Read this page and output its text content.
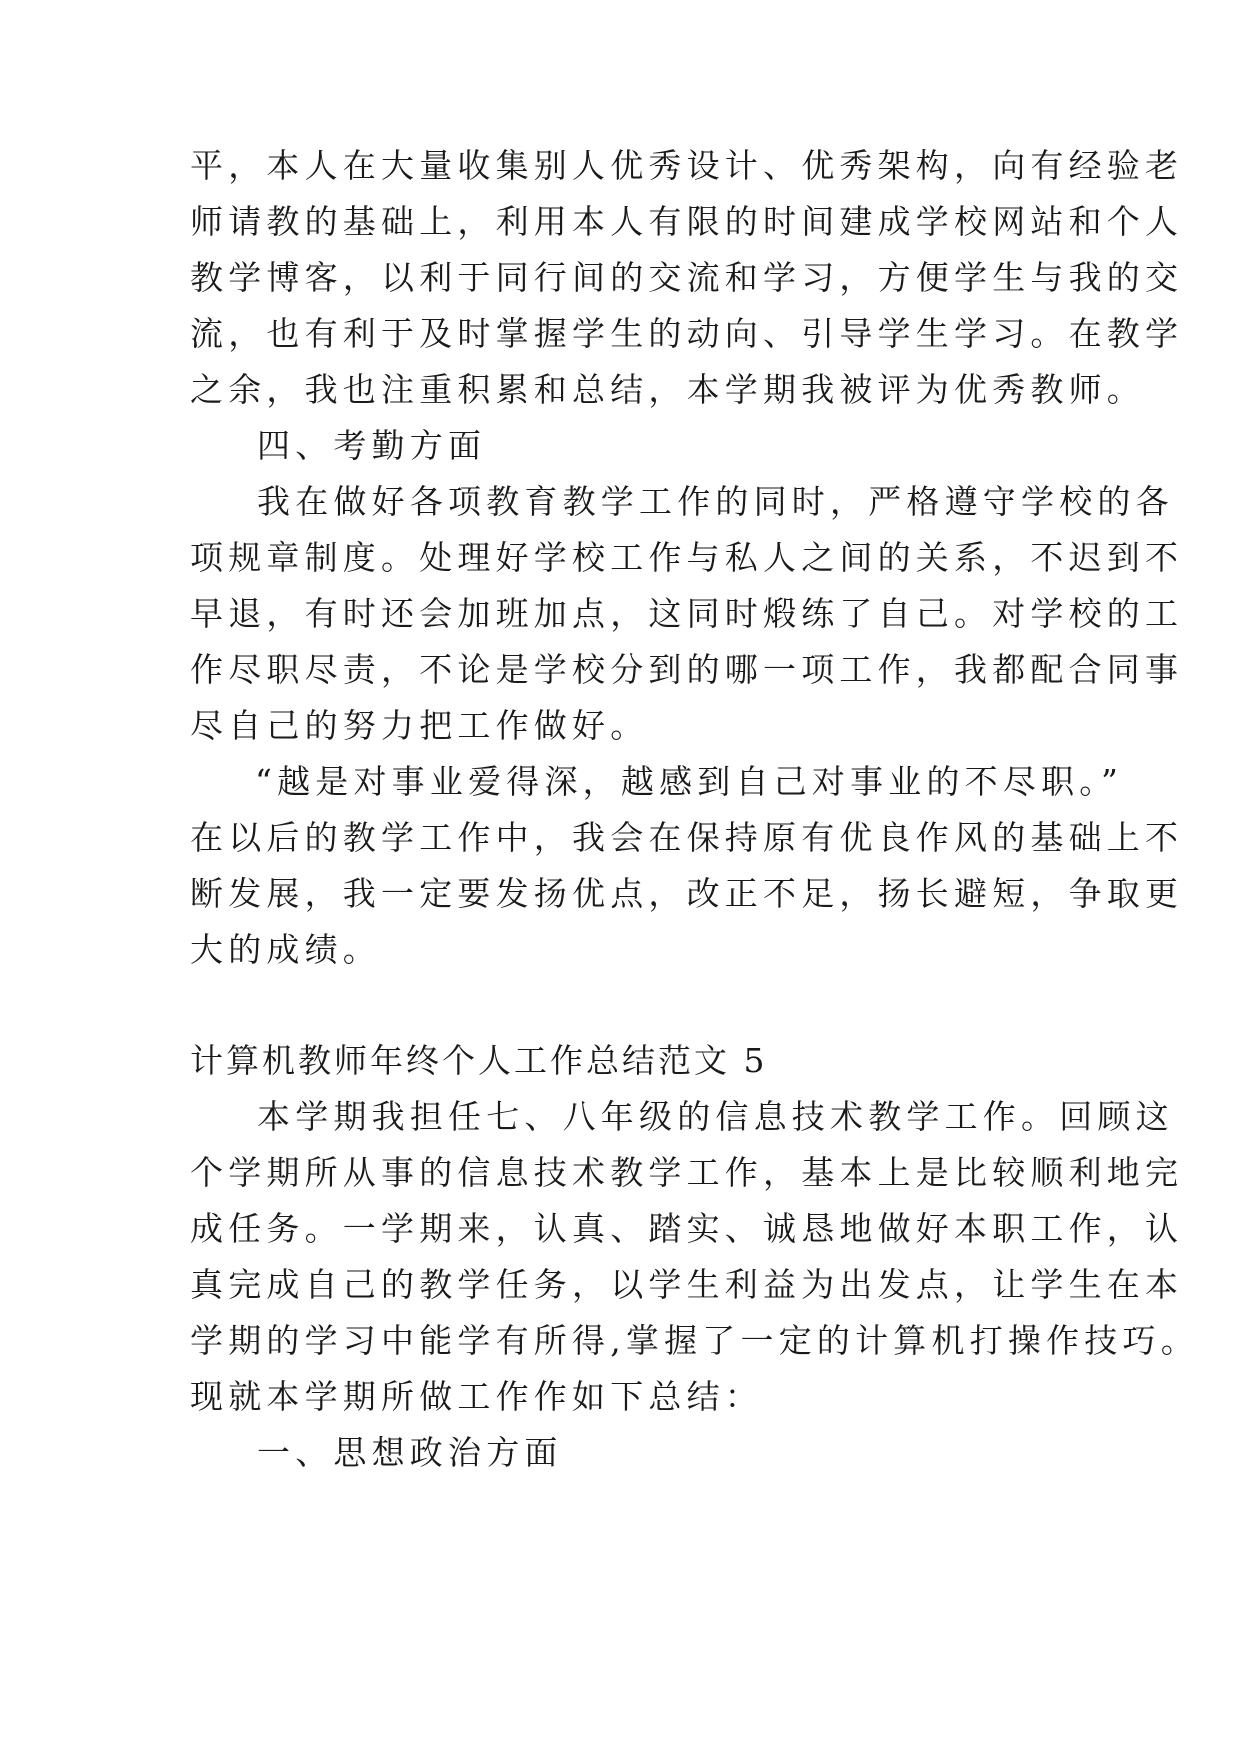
平，本人在大量收集别人优秀设计、优秀架构，向有经验老

师请教的基础上，利用本人有限的时间建成学校网站和个人

教学博客，以利于同行间的交流和学习，方便学生与我的交

流，也有利于及时掌握学生的动向、引导学生学习。在教学

之余，我也注重积累和总结，本学期我被评为优秀教师。

四、考勤方面

我在做好各项教育教学工作的同时，严格遵守学校的各

项规章制度。处理好学校工作与私人之间的关系，不迟到不

早退，有时还会加班加点，这同时煅练了自己。对学校的工

作尽职尽责，不论是学校分到的哪一项工作，我都配合同事

尽自己的努力把工作做好。

“越是对事业爱得深，越感到自己对事业的不尽职。”

在以后的教学工作中，我会在保持原有优良作风的基础上不

断发展，我一定要发扬优点，改正不足，扬长避短，争取更

大的成绩。

计算机教师年终个人工作总结范文 5

本学期我担任七、八年级的信息技术教学工作。回顾这

个学期所从事的信息技术教学工作，基本上是比较顺利地完

成任务。一学期来，认真、踏实、诚恳地做好本职工作，认

真完成自己的教学任务，以学生利益为出发点，让学生在本

学期的学习中能学有所得,掌握了一定的计算机打操作技巧。

现就本学期所做工作作如下总结：

一、思想政治方面
